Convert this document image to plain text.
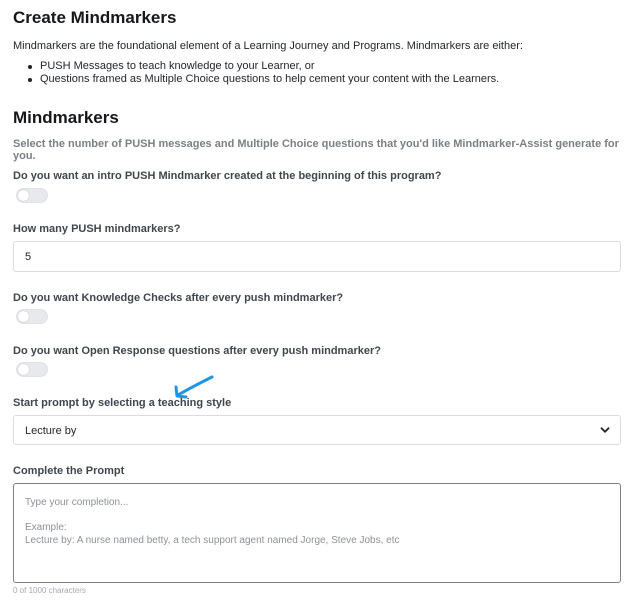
Create Mindmarkers

Mindmarkers are the foundational element of a Learning Journey and Programs. Mindmarkers are either:

PUSH Messages to teach knowledge to your Learner, or
Questions framed as Multiple Choice questions to help cement your content with the Learners.
Mindmarkers

Select the number of PUSH messages and Multiple Choice questions that you'd like Mindmarker-Assist generate for you.

Do you want an intro PUSH Mindmarker created at the beginning of this program?

How many PUSH mindmarkers?

5

Do you want Knowledge Checks after every push mindmarker?

Do you want Open Response questions after every push mindmarker?

Start prompt by selecting a teaching style

Lecture by

Complete the Prompt

Type your completion...
Example:
Lecture by: A nurse named betty, a tech support agent named Jorge, Steve Jobs, etc
0 of 1000 characters
